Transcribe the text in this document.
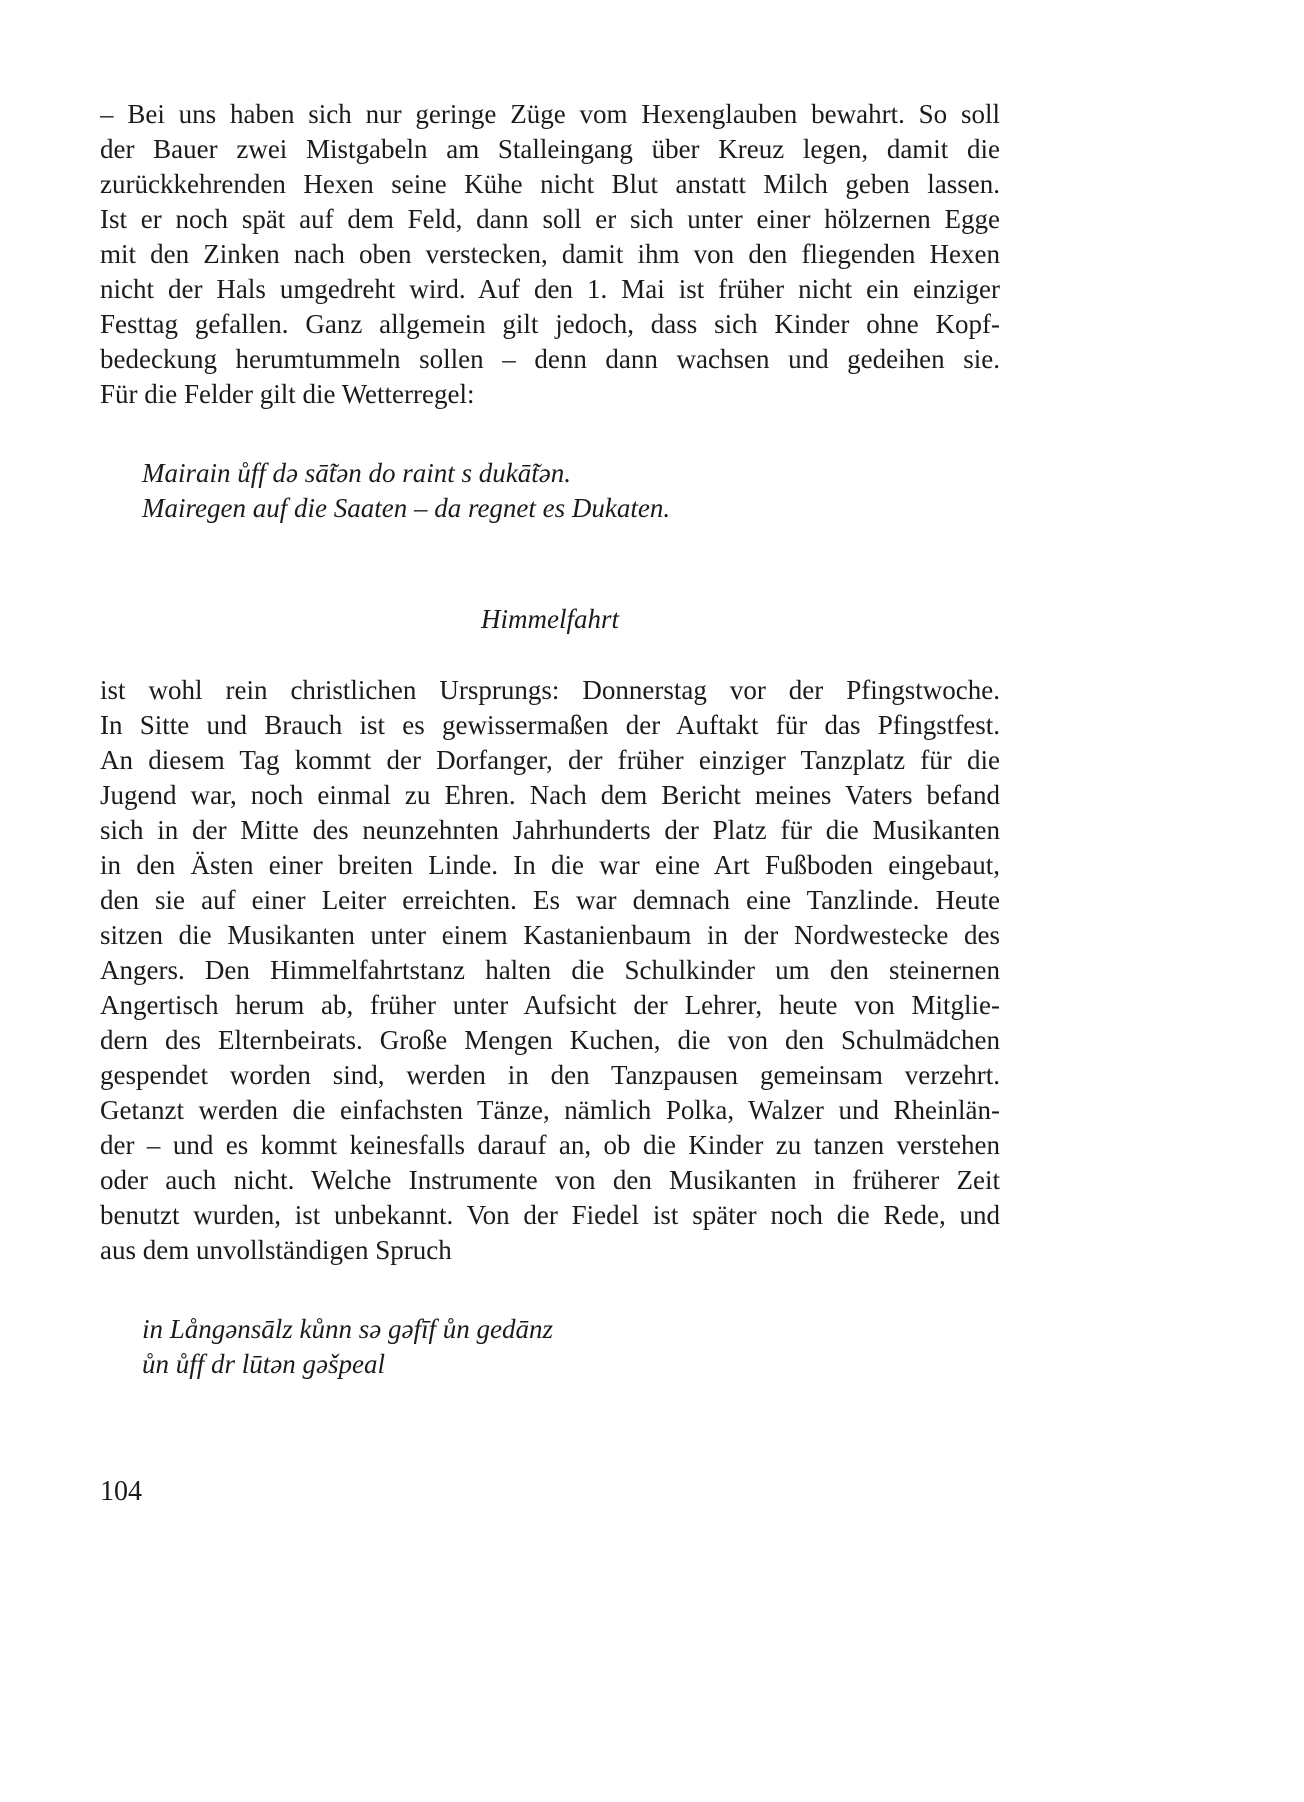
– Bei uns haben sich nur geringe Züge vom Hexenglauben bewahrt. So soll
der Bauer zwei Mistgabeln am Stalleingang über Kreuz legen, damit die
zurückkehrenden Hexen seine Kühe nicht Blut anstatt Milch geben lassen.
Ist er noch spät auf dem Feld, dann soll er sich unter einer hölzernen Egge
mit den Zinken nach oben verstecken, damit ihm von den fliegenden Hexen
nicht der Hals umgedreht wird. Auf den 1. Mai ist früher nicht ein einziger
Festtag gefallen. Ganz allgemein gilt jedoch, dass sich Kinder ohne Kopf-
bedeckung herumtummeln sollen – denn dann wachsen und gedeihen sie.
Für die Felder gilt die Wetterregel:
Mairain ůff də sā̃tən do raint s dukā̃tən.
Mairegen auf die Saaten – da regnet es Dukaten.
Himmelfahrt
ist wohl rein christlichen Ursprungs: Donnerstag vor der Pfingstwoche.
In Sitte und Brauch ist es gewissermaßen der Auftakt für das Pfingstfest.
An diesem Tag kommt der Dorfanger, der früher einziger Tanzplatz für die
Jugend war, noch einmal zu Ehren. Nach dem Bericht meines Vaters befand
sich in der Mitte des neunzehnten Jahrhunderts der Platz für die Musikanten
in den Ästen einer breiten Linde. In die war eine Art Fußboden eingebaut,
den sie auf einer Leiter erreichten. Es war demnach eine Tanzlinde. Heute
sitzen die Musikanten unter einem Kastanienbaum in der Nordwestecke des
Angers. Den Himmelfahrtstanz halten die Schulkinder um den steinernen
Angertisch herum ab, früher unter Aufsicht der Lehrer, heute von Mitglie-
dern des Elternbeirats. Große Mengen Kuchen, die von den Schulmädchen
gespendet worden sind, werden in den Tanzpausen gemeinsam verzehrt.
Getanzt werden die einfachsten Tänze, nämlich Polka, Walzer und Rheinlän-
der – und es kommt keinesfalls darauf an, ob die Kinder zu tanzen verstehen
oder auch nicht. Welche Instrumente von den Musikanten in früherer Zeit
benutzt wurden, ist unbekannt. Von der Fiedel ist später noch die Rede, und
aus dem unvollständigen Spruch
in Långənsālz kůnn sə gəfīf ůn gedānz
ůn ůff dr lūtən gəšpeal
104
